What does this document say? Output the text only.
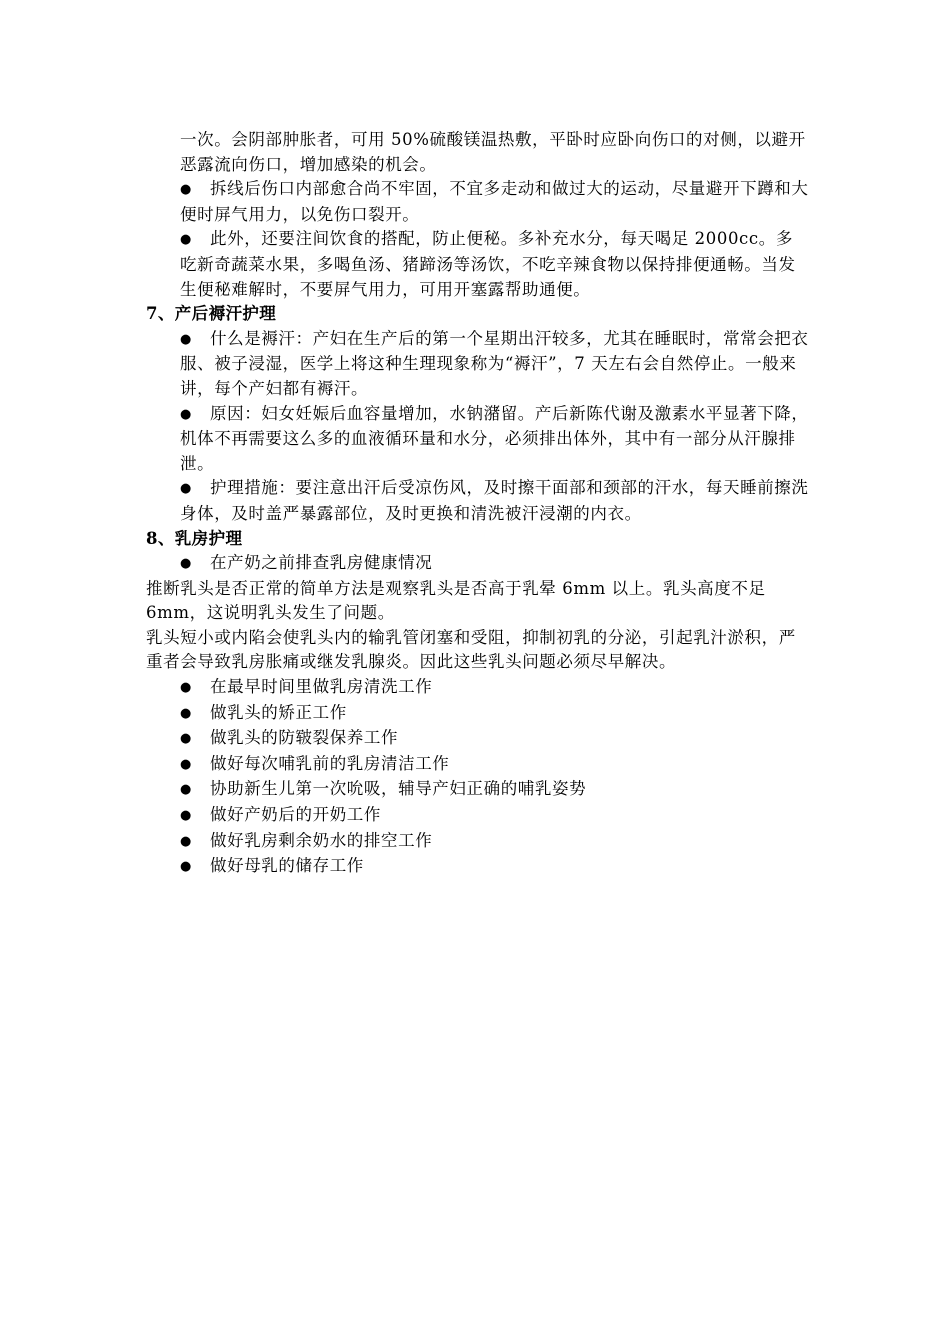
一次。会阴部肿胀者，可用 50%硫酸镁温热敷，平卧时应卧向伤口的对侧，以避开恶露流向伤口，增加感染的机会。
● 拆线后伤口内部愈合尚不牢固，不宜多走动和做过大的运动，尽量避开下蹲和大便时屏气用力，以免伤口裂开。
● 此外，还要注间饮食的搭配，防止便秘。多补充水分，每天喝足 2000cc。多吃新奇蔬菜水果，多喝鱼汤、猪蹄汤等汤饮，不吃辛辣食物以保持排便通畅。当发生便秘难解时，不要屏气用力，可用开塞露帮助通便。
7、产后褥汗护理
● 什么是褥汗：产妇在生产后的第一个星期出汗较多，尤其在睡眠时，常常会把衣服、被子浸湿，医学上将这种生理现象称为“褥汗”，7 天左右会自然停止。一般来讲，每个产妇都有褥汗。
● 原因：妇女妊娠后血容量增加，水钠潴留。产后新陈代谢及激素水平显著下降，机体不再需要这么多的血液循环量和水分，必须排出体外，其中有一部分从汗腺排泄。
● 护理措施：要注意出汗后受凉伤风，及时擦干面部和颈部的汗水，每天睡前擦洗身体，及时盖严暴露部位，及时更换和清洗被汗浸潮的内衣。
8、乳房护理
● 在产奶之前排查乳房健康情况
推断乳头是否正常的简单方法是观察乳头是否高于乳晕 6mm 以上。乳头高度不足 6mm，这说明乳头发生了问题。
乳头短小或内陷会使乳头内的输乳管闭塞和受阻，抑制初乳的分泌，引起乳汁淤积，严重者会导致乳房胀痛或继发乳腺炎。因此这些乳头问题必须尽早解决。
● 在最早时间里做乳房清洗工作
● 做乳头的矫正工作
● 做乳头的防皲裂保养工作
● 做好每次哺乳前的乳房清洁工作
● 协助新生儿第一次吮吸，辅导产妇正确的哺乳姿势
● 做好产奶后的开奶工作
● 做好乳房剩余奶水的排空工作
● 做好母乳的储存工作
